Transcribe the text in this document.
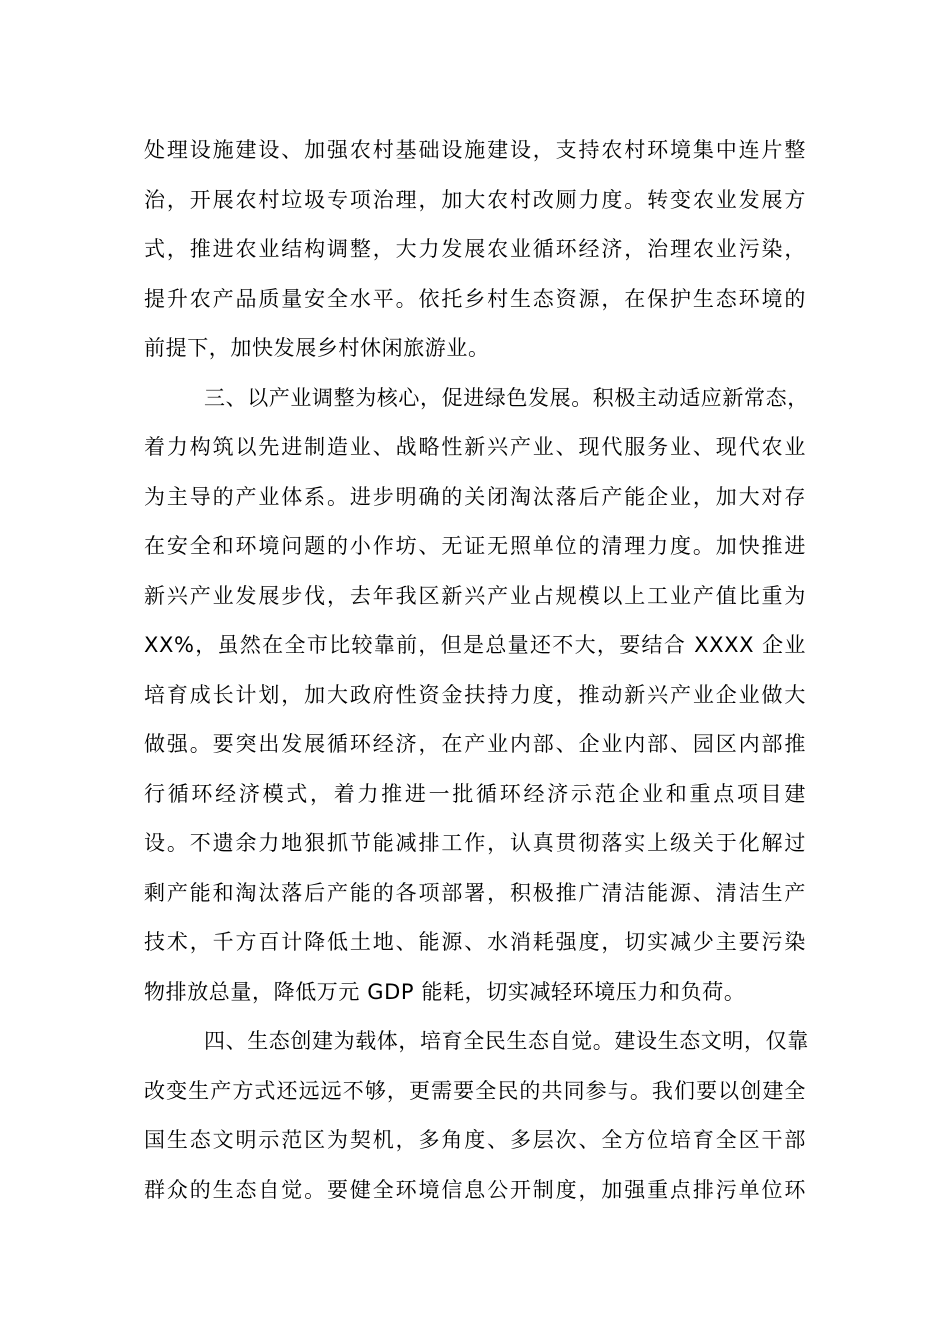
处理设施建设、加强农村基础设施建设，支持农村环境集中连片整
治，开展农村垃圾专项治理，加大农村改厕力度。转变农业发展方
式，推进农业结构调整，大力发展农业循环经济，治理农业污染，
提升农产品质量安全水平。依托乡村生态资源，在保护生态环境的
前提下，加快发展乡村休闲旅游业。
三、以产业调整为核心，促进绿色发展。积极主动适应新常态，
着力构筑以先进制造业、战略性新兴产业、现代服务业、现代农业
为主导的产业体系。进步明确的关闭淘汰落后产能企业，加大对存
在安全和环境问题的小作坊、无证无照单位的清理力度。加快推进
新兴产业发展步伐，去年我区新兴产业占规模以上工业产值比重为
XX%，虽然在全市比较靠前，但是总量还不大，要结合 XXXX 企业
培育成长计划，加大政府性资金扶持力度，推动新兴产业企业做大
做强。要突出发展循环经济，在产业内部、企业内部、园区内部推
行循环经济模式，着力推进一批循环经济示范企业和重点项目建
设。不遗余力地狠抓节能减排工作，认真贯彻落实上级关于化解过
剩产能和淘汰落后产能的各项部署，积极推广清洁能源、清洁生产
技术，千方百计降低土地、能源、水消耗强度，切实减少主要污染
物排放总量，降低万元 GDP 能耗，切实减轻环境压力和负荷。
四、生态创建为载体，培育全民生态自觉。建设生态文明，仅靠
改变生产方式还远远不够，更需要全民的共同参与。我们要以创建全
国生态文明示范区为契机，多角度、多层次、全方位培育全区干部
群众的生态自觉。要健全环境信息公开制度，加强重点排污单位环
